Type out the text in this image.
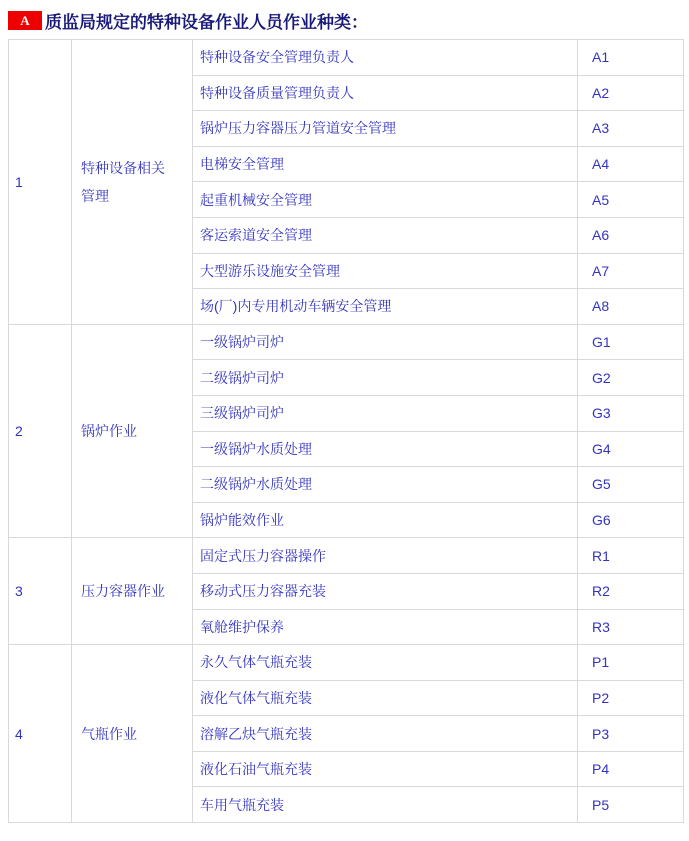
A 质监局规定的特种设备作业人员作业种类：
1	特种设备相关管理	特种设备安全管理负责人	A1
		特种设备质量管理负责人	A2
		锅炉压力容器压力管道安全管理	A3
		电梯安全管理	A4
		起重机械安全管理	A5
		客运索道安全管理	A6
		大型游乐设施安全管理	A7
		场(厂)内专用机动车辆安全管理	A8
2	锅炉作业	一级锅炉司炉	G1
		二级锅炉司炉	G2
		三级锅炉司炉	G3
		一级锅炉水质处理	G4
		二级锅炉水质处理	G5
		锅炉能效作业	G6
3	压力容器作业	固定式压力容器操作	R1
		移动式压力容器充装	R2
		氧舱维护保养	R3
4	气瓶作业	永久气体气瓶充装	P1
		液化气体气瓶充装	P2
		溶解乙炔气瓶充装	P3
		液化石油气瓶充装	P4
		车用气瓶充装	P5
